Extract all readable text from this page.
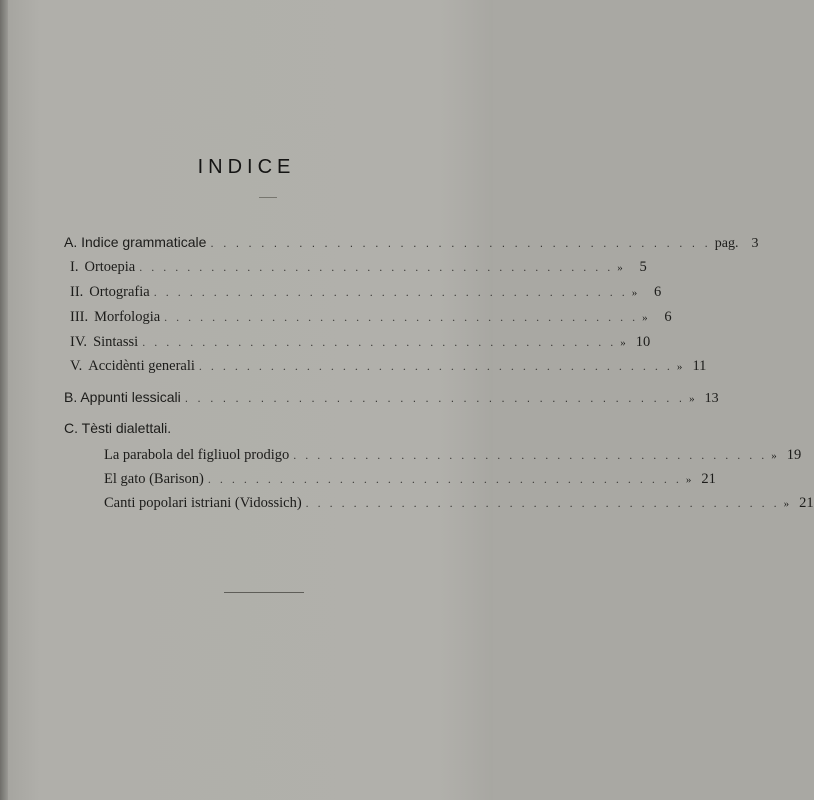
INDICE
A. Indice grammaticale . . . . . . . . . . . . . . . . . . . . . . . . . . . . . . . . . . . . . . . . pag. 3
I. Ortoepia . . . . . . . . . . . . . . . . . . . . . . . . . . . . . . . . . . . . . . . . »	5
II. Ortografia . . . . . . . . . . . . . . . . . . . . . . . . . . . . . . . . . . . . . . . . »	6
III. Morfologia . . . . . . . . . . . . . . . . . . . . . . . . . . . . . . . . . . . . . . . . »	6
IV. Sintassi . . . . . . . . . . . . . . . . . . . . . . . . . . . . . . . . . . . . . . . . » 10
V. Accidènti generali . . . . . . . . . . . . . . . . . . . . . . . . . . . . . . . . . . . . . . . . » 11
B. Appunti lessicali . . . . . . . . . . . . . . . . . . . . . . . . . . . . . . . . . . . . . . . . » 13
C. Tèsti dialettali.
La parabola del figliuol prodigo . . . . . . . . . . . . . . . . . . . . . . . . . . . . . . . . . . . . . . . . » 19
El gato (Barison) . . . . . . . . . . . . . . . . . . . . . . . . . . . . . . . . . . . . . . . . » 21
Canti popolari istriani (Vidossich) . . . . . . . . . . . . . . . . . . . . . . . . . . . . . . . . . . . . . . . . » 21
